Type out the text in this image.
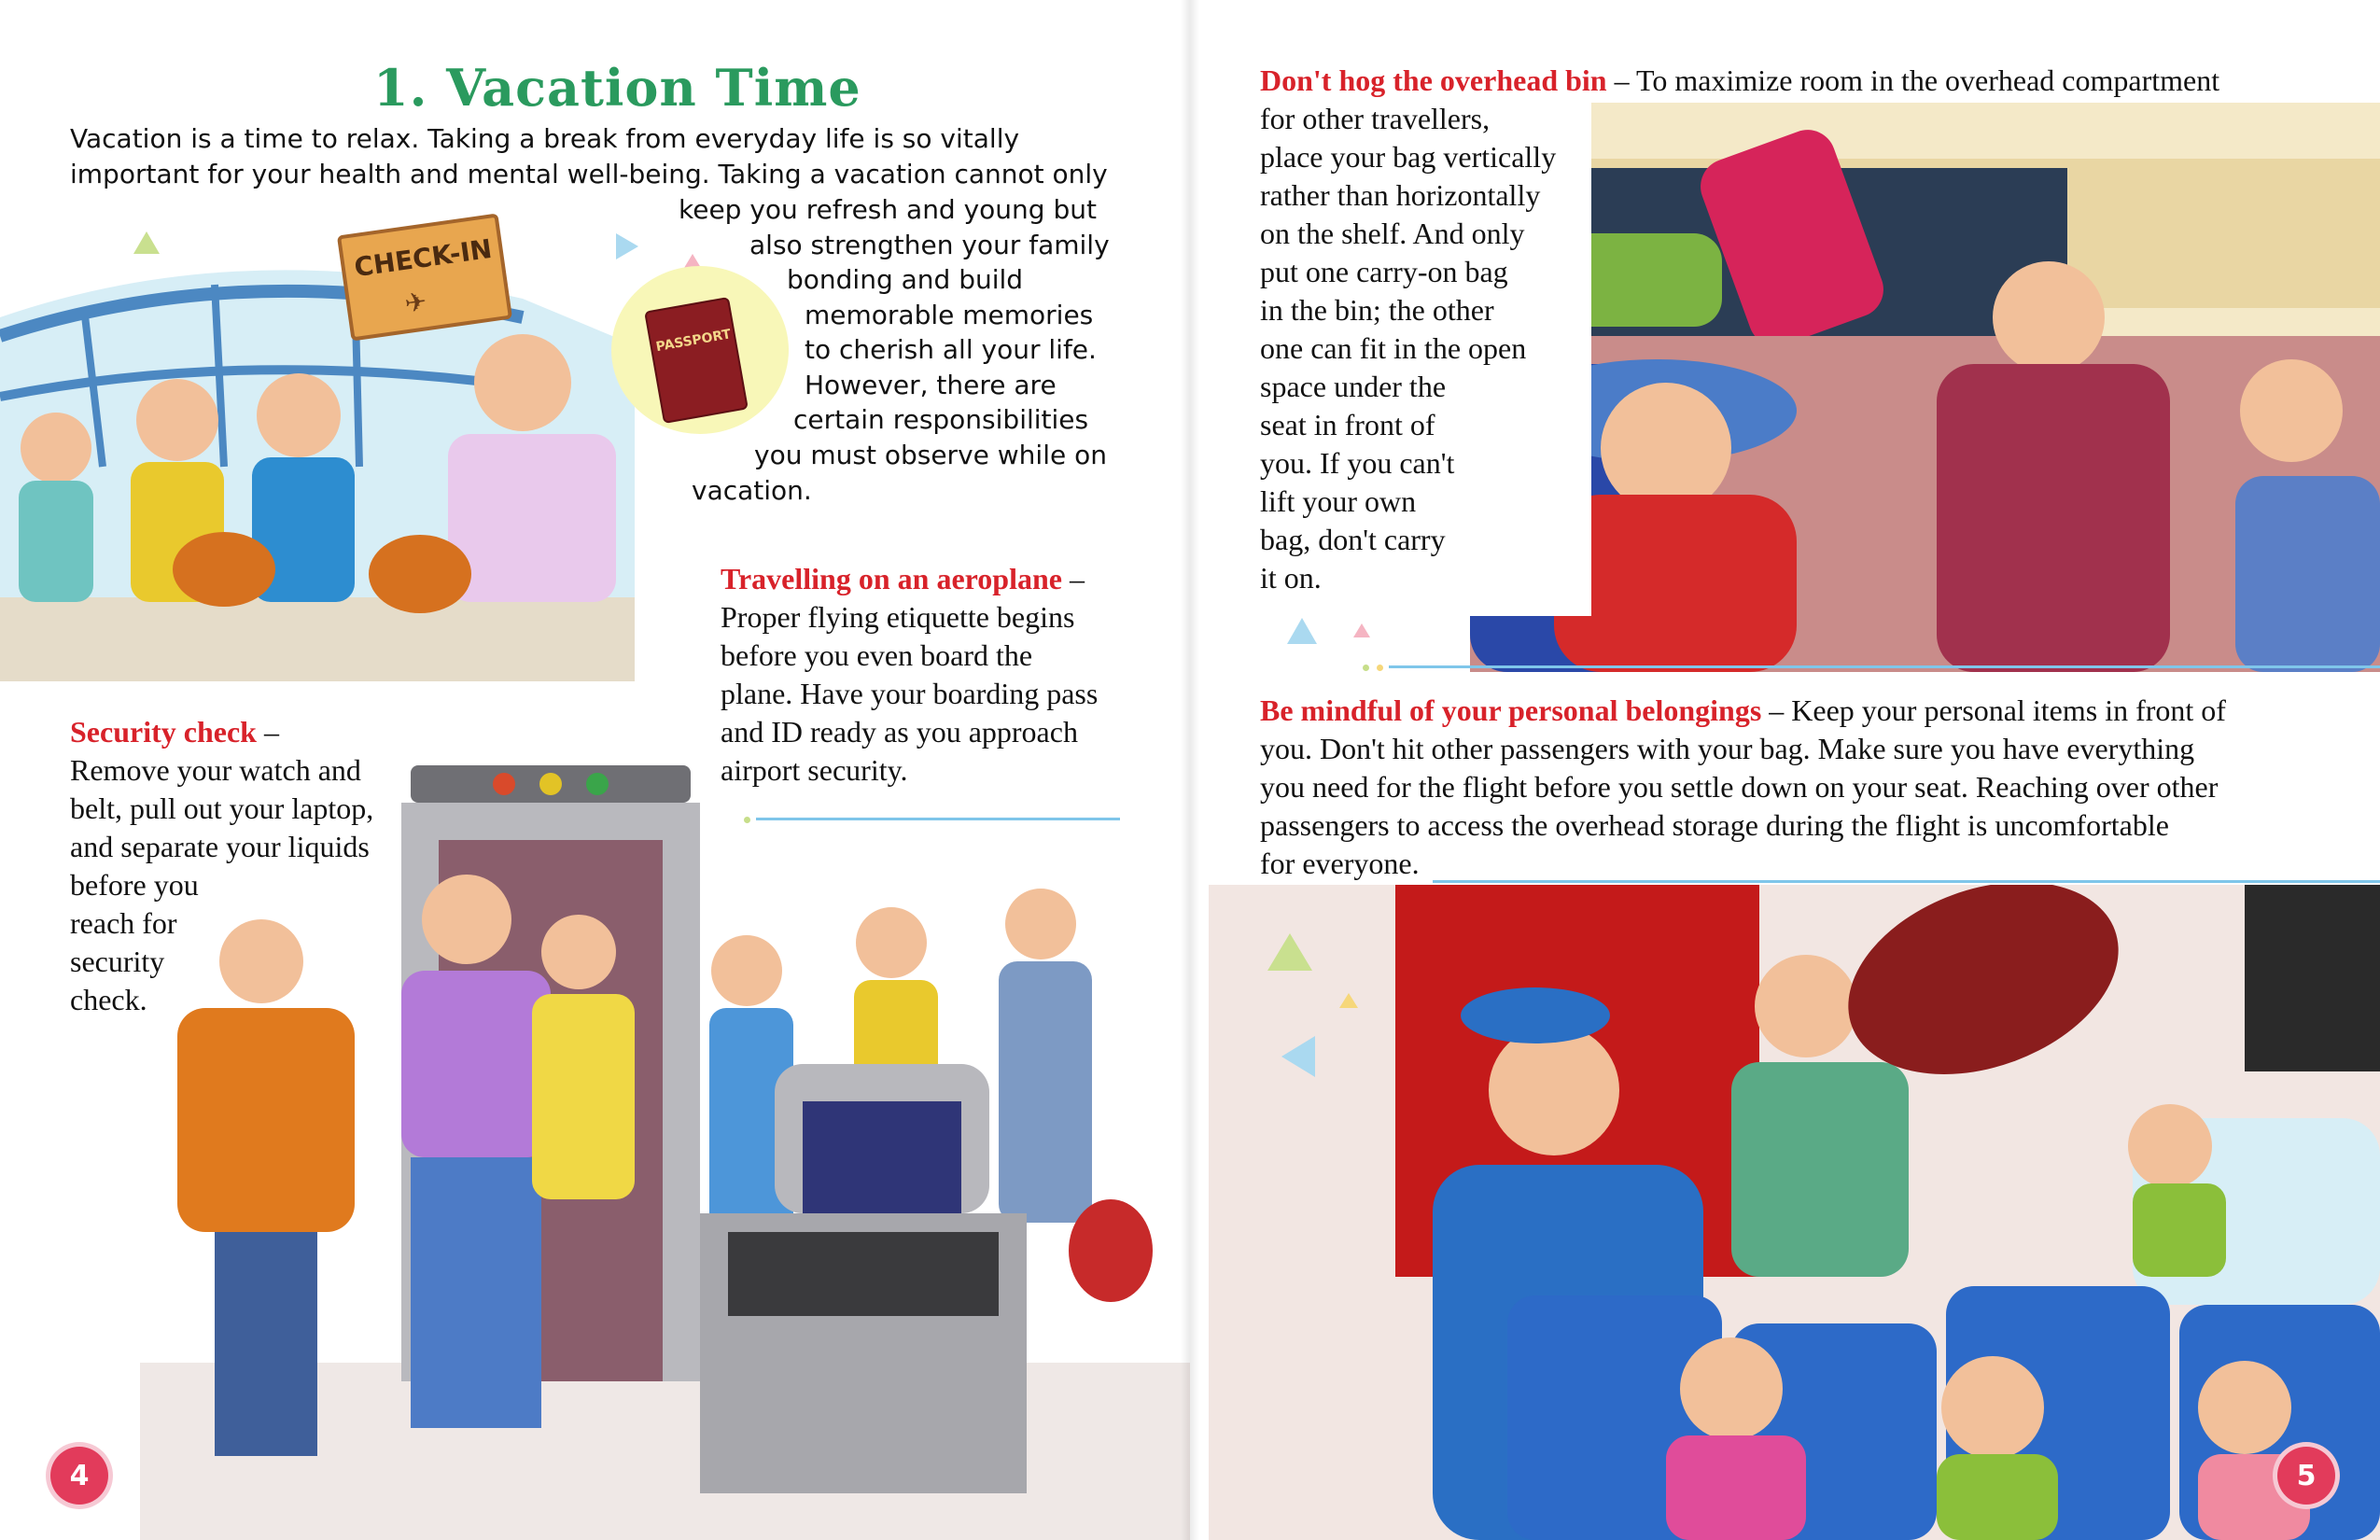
1. Vacation Time
Vacation is a time to relax. Taking a break from everyday life is so vitally
important for your health and mental well-being. Taking a vacation cannot only
keep you refresh and young but
also strengthen your family
bonding and build
memorable memories
to cherish all your life.
However, there are
certain responsibilities
you must observe while on
vacation.
CHECK-IN
✈
PASSPORT
Travelling on an aeroplane –
Proper flying etiquette begins
before you even board the
plane. Have your boarding pass
and ID ready as you approach
airport security.
Security check –
Remove your watch and
belt, pull out your laptop,
and separate your liquids
before you
reach for
security
check.
4
Don't hog the overhead bin – To maximize room in the overhead compartment
for other travellers,
place your bag vertically
rather than horizontally
on the shelf. And only
put one carry-on bag
in the bin; the other
one can fit in the open
space under the
seat in front of
you. If you can't
lift your own
bag, don't carry
it on.
Be mindful of your personal belongings – Keep your personal items in front of
you. Don't hit other passengers with your bag. Make sure you have everything
you need for the flight before you settle down on your seat. Reaching over other
passengers to access the overhead storage during the flight is uncomfortable
for everyone.
5
